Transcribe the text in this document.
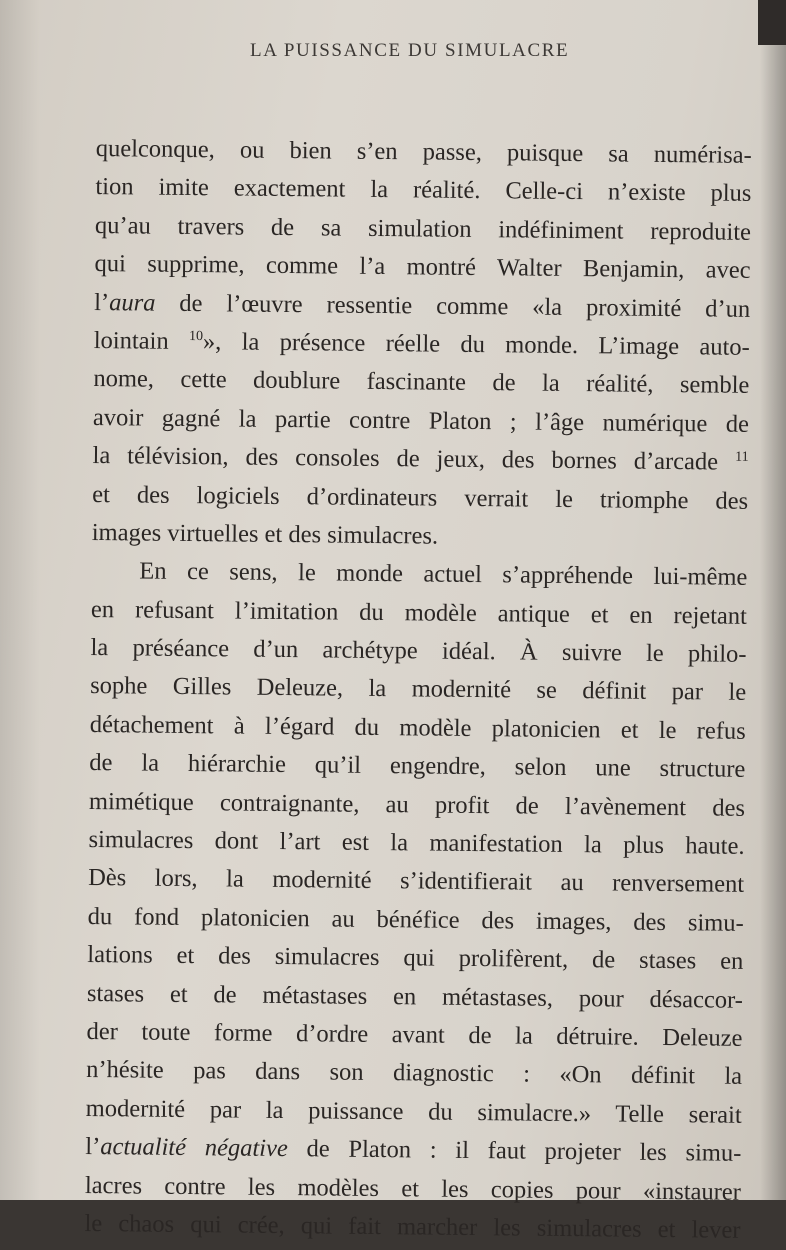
LA PUISSANCE DU SIMULACRE
quelconque, ou bien s’en passe, puisque sa numérisa-
tion imite exactement la réalité. Celle-ci n’existe plus
qu’au travers de sa simulation indéfiniment reproduite
qui supprime, comme l’a montré Walter Benjamin, avec
l’aura de l’œuvre ressentie comme «la proximité d’un
lointain $^{10}$», la présence réelle du monde. L’image auto-
nome, cette doublure fascinante de la réalité, semble
avoir gagné la partie contre Platon ; l’âge numérique de
la télévision, des consoles de jeux, des bornes d’arcade $^{11}$
et des logiciels d’ordinateurs verrait le triomphe des
images virtuelles et des simulacres.
En ce sens, le monde actuel s’appréhende lui-même
en refusant l’imitation du modèle antique et en rejetant
la préséance d’un archétype idéal. À suivre le philo-
sophe Gilles Deleuze, la modernité se définit par le
détachement à l’égard du modèle platonicien et le refus
de la hiérarchie qu’il engendre, selon une structure
mimétique contraignante, au profit de l’avènement des
simulacres dont l’art est la manifestation la plus haute.
Dès lors, la modernité s’identifierait au renversement
du fond platonicien au bénéfice des images, des simu-
lations et des simulacres qui prolifèrent, de stases en
stases et de métastases en métastases, pour désaccor-
der toute forme d’ordre avant de la détruire. Deleuze
n’hésite pas dans son diagnostic : «On définit la
modernité par la puissance du simulacre.» Telle serait
l’actualité négative de Platon : il faut projeter les simu-
lacres contre les modèles et les copies pour «instaurer
le chaos qui crée, qui fait marcher les simulacres et lever
